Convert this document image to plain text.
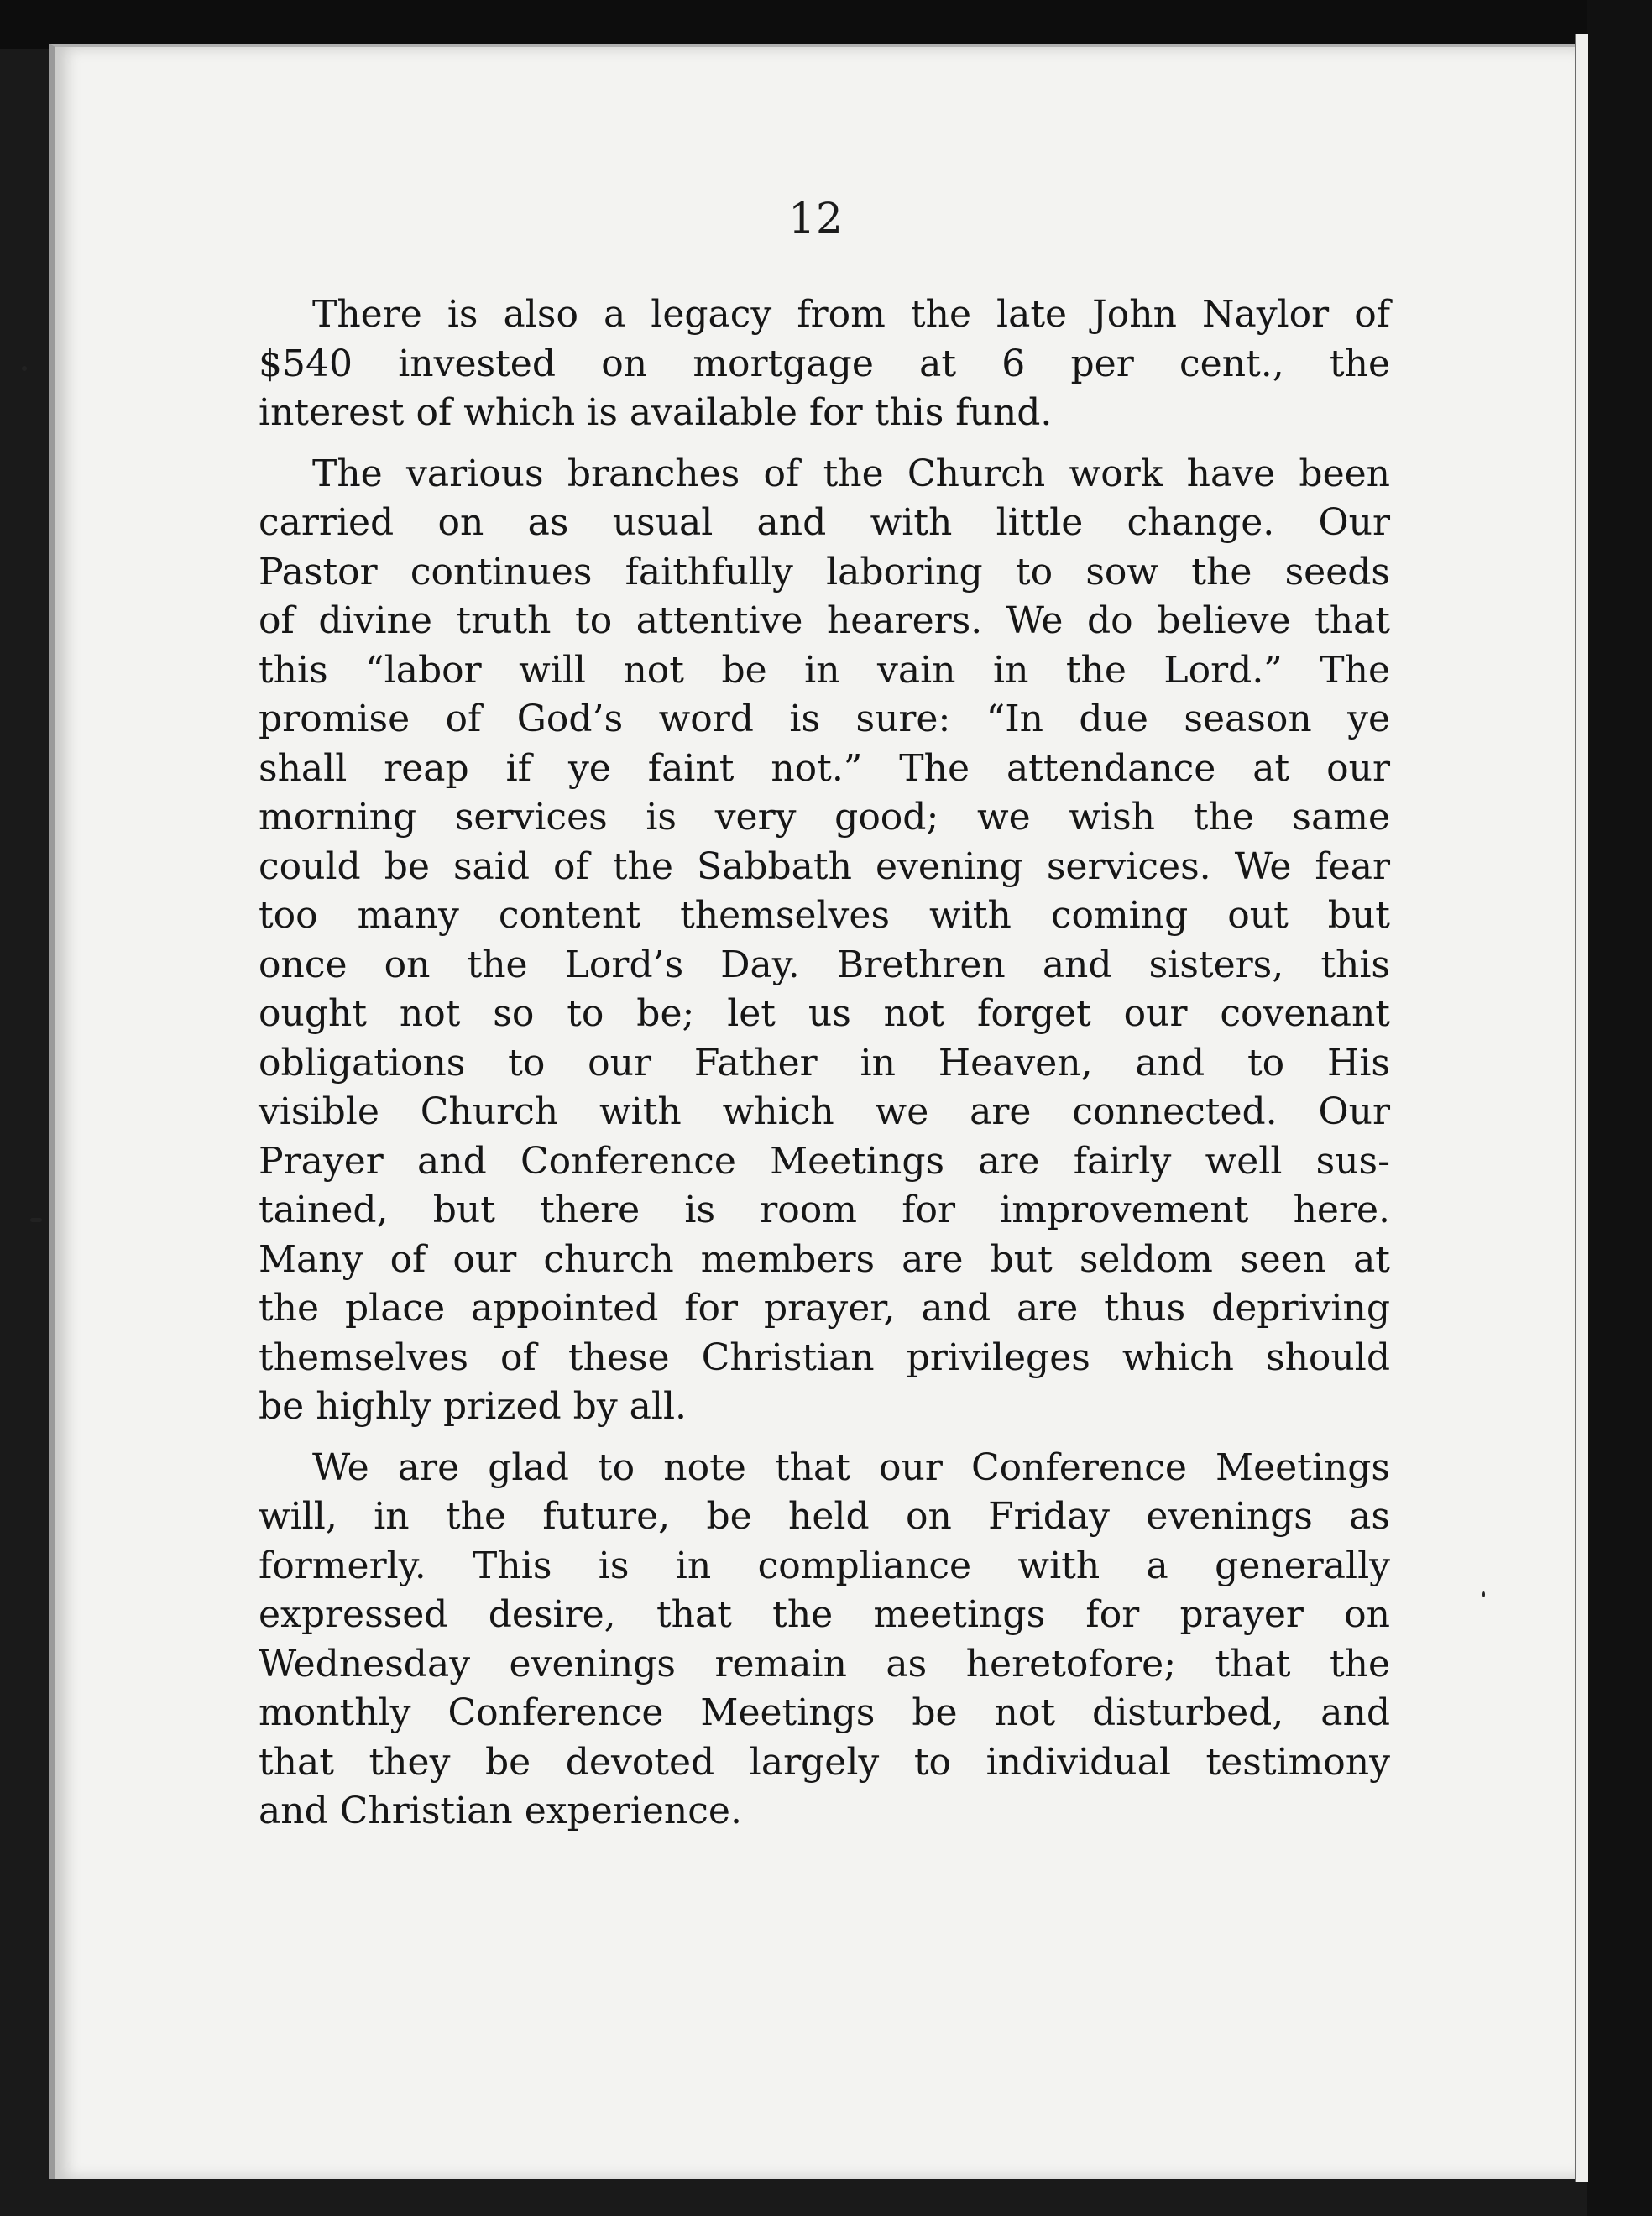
12
There is also a legacy from the late John Naylor of
$540 invested on mortgage at 6 per cent., the
interest of which is available for this fund.
The various branches of the Church work have been
carried on as usual and with little change. Our
Pastor continues faithfully laboring to sow the seeds
of divine truth to attentive hearers. We do believe that
this “labor will not be in vain in the Lord.” The
promise of God’s word is sure: “In due season ye
shall reap if ye faint not.” The attendance at our
morning services is very good; we wish the same
could be said of the Sabbath evening services. We fear
too many content themselves with coming out but
once on the Lord’s Day. Brethren and sisters, this
ought not so to be; let us not forget our covenant
obligations to our Father in Heaven, and to His
visible Church with which we are connected. Our
Prayer and Conference Meetings are fairly well sus-
tained, but there is room for improvement here.
Many of our church members are but seldom seen at
the place appointed for prayer, and are thus depriving
themselves of these Christian privileges which should
be highly prized by all.
We are glad to note that our Conference Meetings
will, in the future, be held on Friday evenings as
formerly. This is in compliance with a generally
expressed desire, that the meetings for prayer on
Wednesday evenings remain as heretofore; that the
monthly Conference Meetings be not disturbed, and
that they be devoted largely to individual testimony
and Christian experience.
